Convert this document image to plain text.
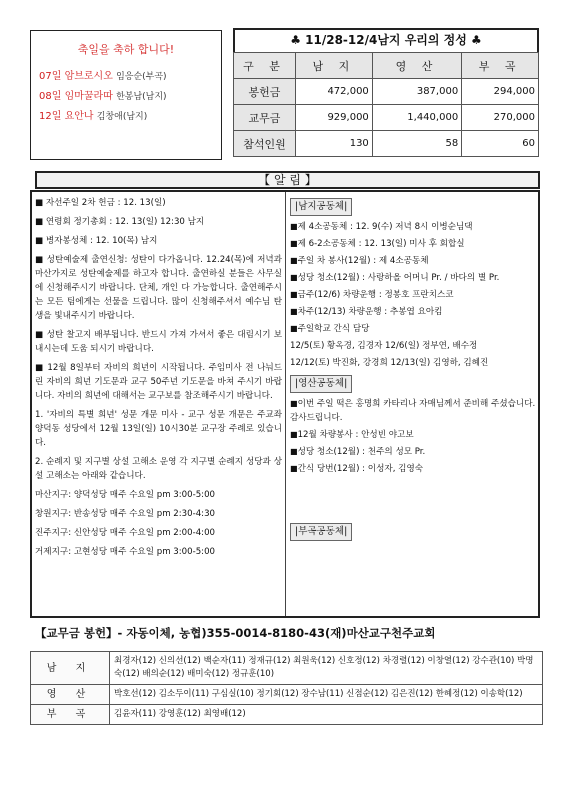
축일을 축하 합니다!
07일 암브로시오 임응순(부곡)
08일 임마꿀라따 한봉남(남지)
12일 요안나 김창애(남지)
♣ 11/28-12/4남지 우리의 정성 ♣
구 분	남 지	영 산	부 곡
봉헌금	472,000	387,000	294,000
교무금	929,000	1,440,000	270,000
참석인원	130	58	60
【 알 림 】

■ 자선주일 2차 헌금 : 12. 13(일)

■ 연령회 정기총회 : 12. 13(일) 12:30 남지

■ 병자봉성체 : 12. 10(목) 남지

■ 성탄예술제 출연신청: 성탄이 다가옵니다. 12.24(목)에 저녁과 마산가지로 성탄예술제를 하고자 합니다. 출연하실 분들은 사무실에 신청해주시기 바랍니다. 단체, 개인 다 가능합니다. 출연해주시는 모든 팀에게는 선물을 드립니다. 많이 신청해주셔서 예수님 탄생을 빛내주시기 바랍니다.

■ 성탄 찰고지 배부됩니다. 반드시 가져 가셔서 좋은 대림시기 보내시는데 도움 되시기 바랍니다.

■ 12월 8일부터 자비의 희년이 시작됩니다. 주임미사 전 나눠드린 자비의 희년 기도문과 교구 50주년 기도문을 바쳐 주시기 바랍니다. 자비의 희년에 대해서는 교구보를 참조해주시기 바랍니다.

1. '자비의 특별 희년' 성문 개문 미사 - 교구 성문 개문은 주교좌 양덕동 성당에서 12월 13일(일) 10시30분 교구장 주례로 있습니다.

2. 순례지 및 지구별 상설 고해소 운영 각 지구별 순례지 성당과 상설 고해소는 아래와 같습니다.

마산지구: 양덕성당 매주 수요일 pm 3:00-5:00

창원지구: 반송성당 매주 수요일 pm 2:30-4:30

진주지구: 신안성당 매주 수요일 pm 2:00-4:00

거제지구: 고현성당 매주 수요일 pm 3:00-5:00

|남지공동체|

■ 제 4소공동체 : 12. 9(수) 저녁 8시 이병순님댁

■ 제 6-2소공동체 : 12. 13(일) 미사 후 회합실

■ 주일 차 봉사(12월) : 제 4소공동체

■ 성당 청소(12월) : 사랑하올 어머니 Pr. / 바다의 별 Pr.

■ 금주(12/6) 차량운행 : 정봉호 프란치스코

■ 차주(12/13) 차량운행 : 추봉엽 요아킴

■ 주일학교 간식 담당

12/5(토) 황옥경, 김경자 12/6(일) 정부연, 배수정

12/12(토) 박진화, 강경희 12/13(일) 김영하, 김혜진

|영산공동체|

■ 이번 주일 떡은 홍명희 카타리나 자매님께서 준비해 주셨습니다. 감사드립니다.

■ 12월 차량봉사 : 안성빈 야고보

■ 성당 청소(12월) : 천주의 성모 Pr.

■ 간식 당번(12월) : 이성자, 김영숙

|부곡공동체|
【교무금 봉헌】- 자동이체, 농협)355-0014-8180-43(재)마산교구천주교회
남 지	최경자(12) 신의선(12) 백순자(11) 정재규(12) 최원욱(12) 신호정(12) 차경렬(12) 이창열(12) 강수관(10) 박명숙(12) 배의순(12) 배미숙(12) 정규훈(10)
영 산	박호선(12) 김소두이(11) 구심실(10) 정기회(12) 장수남(11) 신점순(12) 김은진(12) 한혜정(12) 이송학(12)
부 곡	김윤자(11) 강영훈(12) 최영배(12)
